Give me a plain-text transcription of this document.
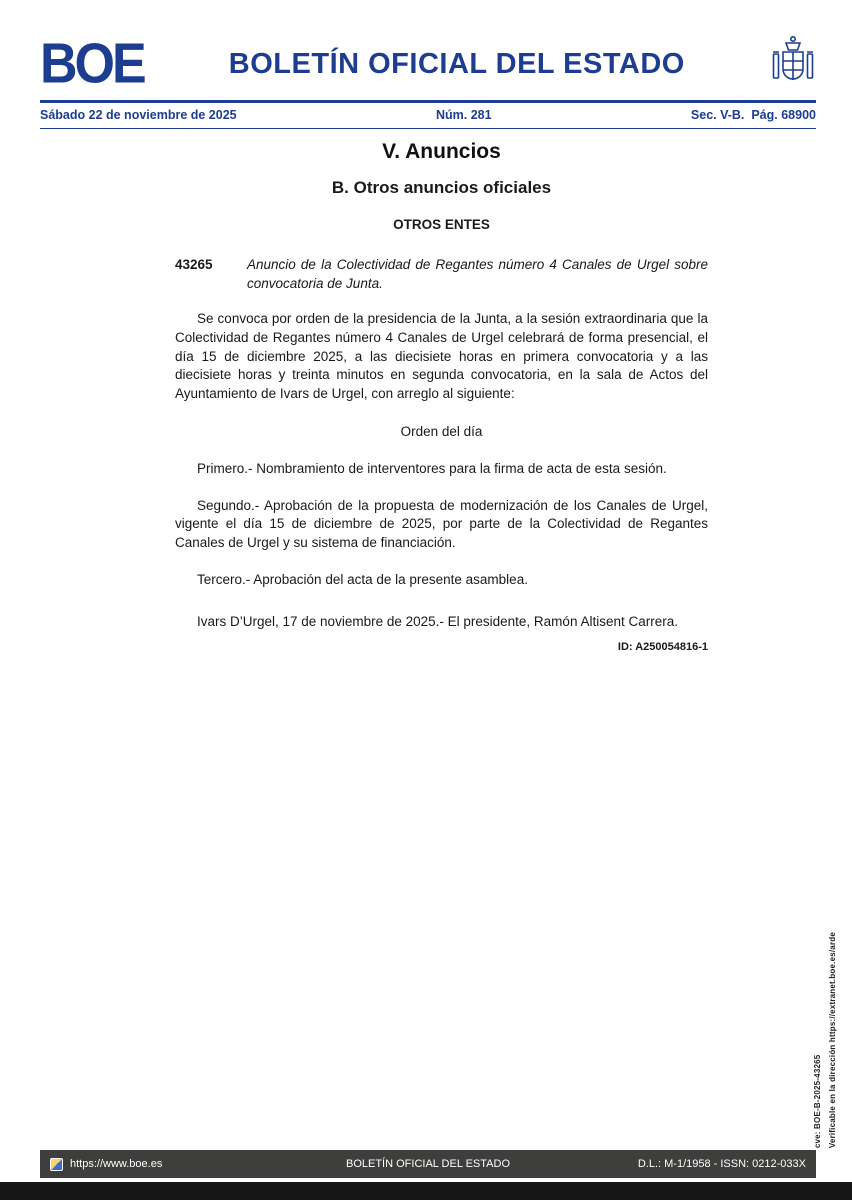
BOE	BOLETÍN OFICIAL DEL ESTADO
Sábado 22 de noviembre de 2025	Núm. 281	Sec. V-B.  Pág. 68900
V. Anuncios
B. Otros anuncios oficiales
OTROS ENTES
43265	Anuncio de la Colectividad de Regantes número 4 Canales de Urgel sobre convocatoria de Junta.

Se convoca por orden de la presidencia de la Junta, a la sesión extraordinaria que la Colectividad de Regantes número 4 Canales de Urgel celebrará de forma presencial, el día 15 de diciembre 2025, a las diecisiete horas en primera convocatoria y a las diecisiete horas y treinta minutos en segunda convocatoria, en la sala de Actos del Ayuntamiento de Ivars de Urgel, con arreglo al siguiente:

Orden del día

Primero.- Nombramiento de interventores para la firma de acta de esta sesión.

Segundo.- Aprobación de la propuesta de modernización de los Canales de Urgel, vigente el día 15 de diciembre de 2025, por parte de la Colectividad de Regantes Canales de Urgel y su sistema de financiación.

Tercero.- Aprobación del acta de la presente asamblea.

Ivars D’Urgel, 17 de noviembre de 2025.- El presidente, Ramón Altisent Carrera.

ID: A250054816-1

cve: BOE-B-2025-43265 Verificable en la dirección https://extranet.boe.es/arde
https://www.boe.es	BOLETÍN OFICIAL DEL ESTADO	D.L.: M-1/1958 - ISSN: 0212-033X
